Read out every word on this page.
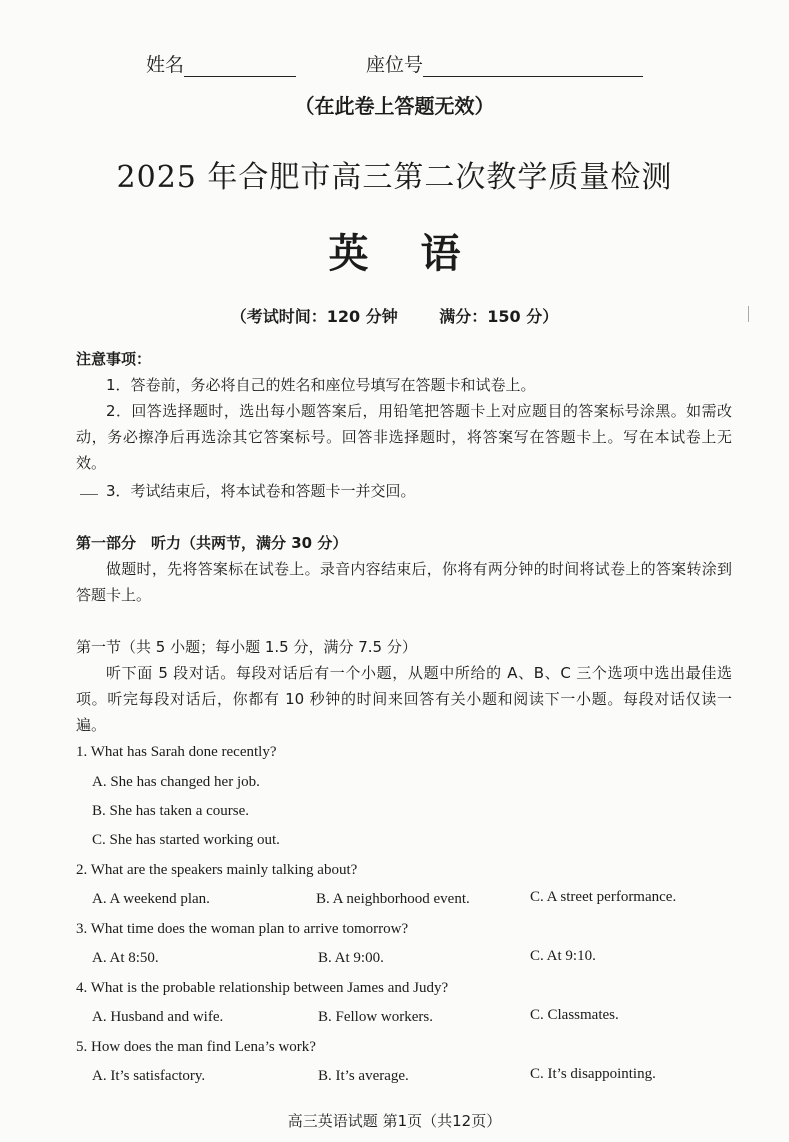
姓名	座位号
（在此卷上答题无效）
2025 年合肥市高三第二次教学质量检测
英语
（考试时间：120 分钟	满分：150 分）
注意事项：
1．答卷前，务必将自己的姓名和座位号填写在答题卡和试卷上。
2．回答选择题时，选出每小题答案后，用铅笔把答题卡上对应题目的答案标号涂黑。如需改动，务必擦净后再选涂其它答案标号。回答非选择题时，将答案写在答题卡上。写在本试卷上无效。
3．考试结束后，将本试卷和答题卡一并交回。
第一部分　听力（共两节，满分 30 分）
做题时，先将答案标在试卷上。录音内容结束后，你将有两分钟的时间将试卷上的答案转涂到答题卡上。
第一节（共 5 小题；每小题 1.5 分，满分 7.5 分）
听下面 5 段对话。每段对话后有一个小题，从题中所给的 A、B、C 三个选项中选出最佳选项。听完每段对话后，你都有 10 秒钟的时间来回答有关小题和阅读下一小题。每段对话仅读一遍。
1. What has Sarah done recently?
A. She has changed her job.
B. She has taken a course.
C. She has started working out.
2. What are the speakers mainly talking about?
A. A weekend plan.	B. A neighborhood event.	C. A street performance.
3. What time does the woman plan to arrive tomorrow?
A. At 8:50.	B. At 9:00.	C. At 9:10.
4. What is the probable relationship between James and Judy?
A. Husband and wife.	B. Fellow workers.	C. Classmates.
5. How does the man find Lena’s work?
A. It’s satisfactory.	B. It’s average.	C. It’s disappointing.
高三英语试题 第1页（共12页）
